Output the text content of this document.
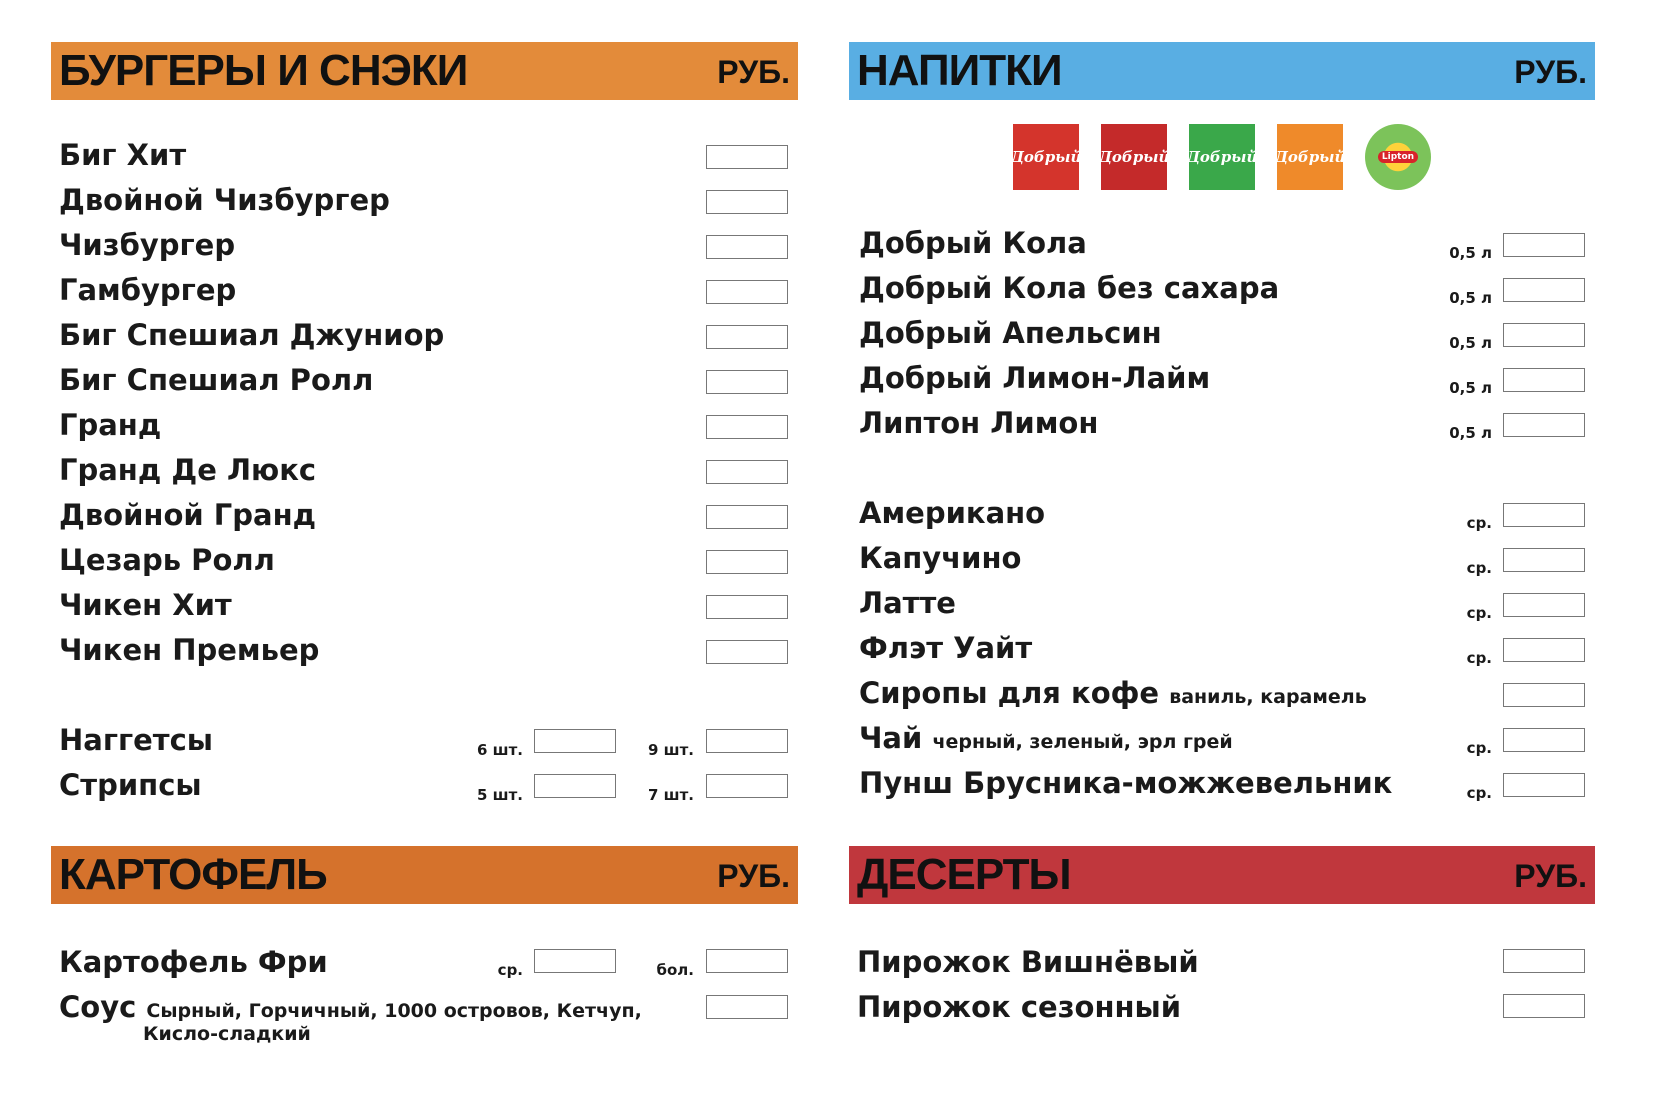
БУРГЕРЫ И СНЭКИ	РУБ.
Биг Хит
Двойной Чизбургер
Чизбургер
Гамбургер
Биг Спешиал Джуниор
Биг Спешиал Ролл
Гранд
Гранд Де Люкс
Двойной Гранд
Цезарь Ролл
Чикен Хит
Чикен Премьер
Наггетсы	6 шт.	9 шт.
Стрипсы	5 шт.	7 шт.
НАПИТКИ	РУБ.
Добрый Добрый Добрый Добрый	Lipton
Добрый Кола	0,5 л
Добрый Кола без сахара	0,5 л
Добрый Апельсин	0,5 л
Добрый Лимон-Лайм	0,5 л
Липтон Лимон	0,5 л
Американо	ср.
Капучино	ср.
Латте	ср.
Флэт Уайт	ср.
Сиропы для кофе ваниль, карамель
Чай черный, зеленый, эрл грей	ср.
Пунш Брусника-можжевельник	ср.
КАРТОФЕЛЬ	РУБ.
Картофель Фри	ср.	бол.
Соус Сырный, Горчичный, 1000 островов, Кетчуп,
Кисло-сладкий
ДЕСЕРТЫ	РУБ.
Пирожок Вишнёвый
Пирожок сезонный
